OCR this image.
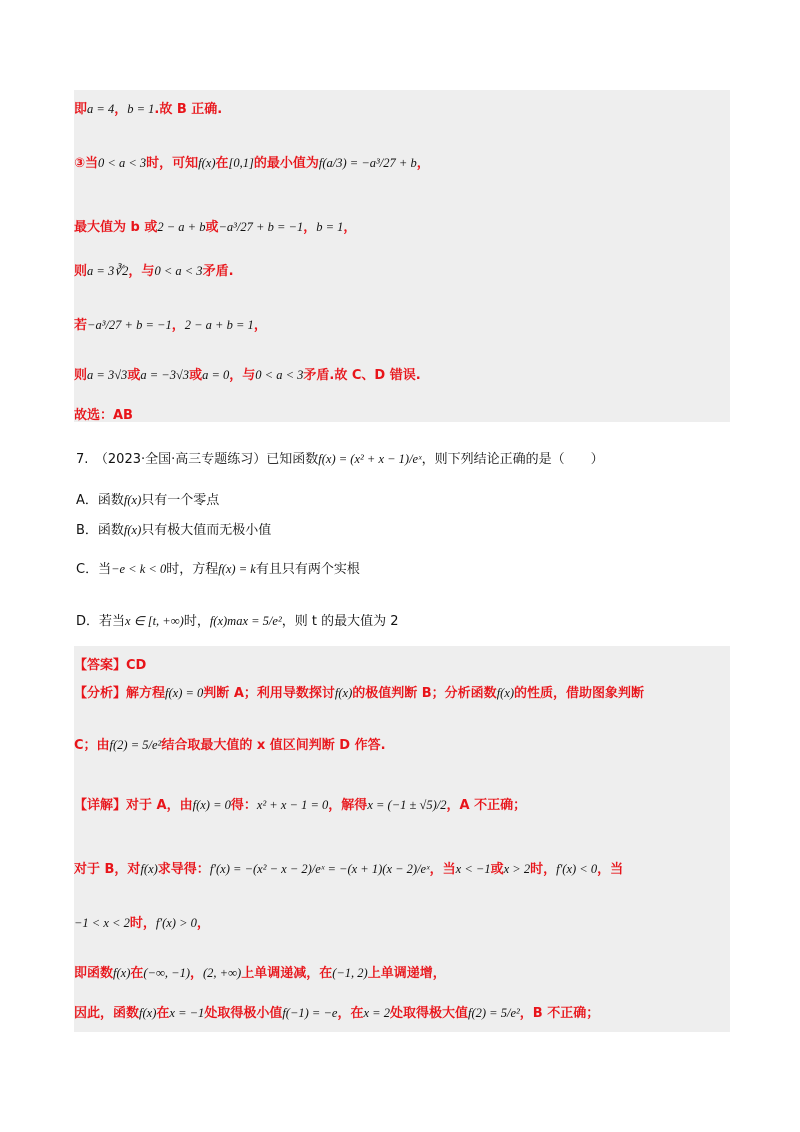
即a = 4，b = 1.故 B 正确.
③当0 < a < 3时，可知f(x)在[0,1]的最小值为f(a/3) = −a³/27 + b，
最大值为 b 或2 − a + b或−a³/27 + b = −1，b = 1，
则a = 3∛2，与0 < a < 3矛盾.
若−a³/27 + b = −1，2 − a + b = 1，
则a = 3√3或a = −3√3或a = 0，与0 < a < 3矛盾.故 C、D 错误.
故选：AB
7.　（2023·全国·高三专题练习）已知函数f(x) = (x² + x − 1)/eˣ，则下列结论正确的是（　　）
A．函数f(x)只有一个零点
B．函数f(x)只有极大值而无极小值
C．当−e < k < 0时，方程f(x) = k有且只有两个实根
D．若当x ∈ [t, +∞)时，f(x)max = 5/e²，则 t 的最大值为 2
【答案】CD
【分析】解方程f(x) = 0判断 A；利用导数探讨f(x)的极值判断 B；分析函数f(x)的性质，借助图象判断
C；由f(2) = 5/e²结合取最大值的 x 值区间判断 D 作答.
【详解】对于 A，由f(x) = 0得：x² + x − 1 = 0，解得x = (−1 ± √5)/2，A 不正确；
对于 B，对f(x)求导得：f′(x) = −(x² − x − 2)/eˣ = −(x + 1)(x − 2)/eˣ，当x < −1或x > 2时，f′(x) < 0，当
−1 < x < 2时，f′(x) > 0，
即函数f(x)在(−∞, −1)，(2, +∞)上单调递减，在(−1, 2)上单调递增，
因此，函数f(x)在x = −1处取得极小值f(−1) = −e，在x = 2处取得极大值f(2) = 5/e²，B 不正确；
